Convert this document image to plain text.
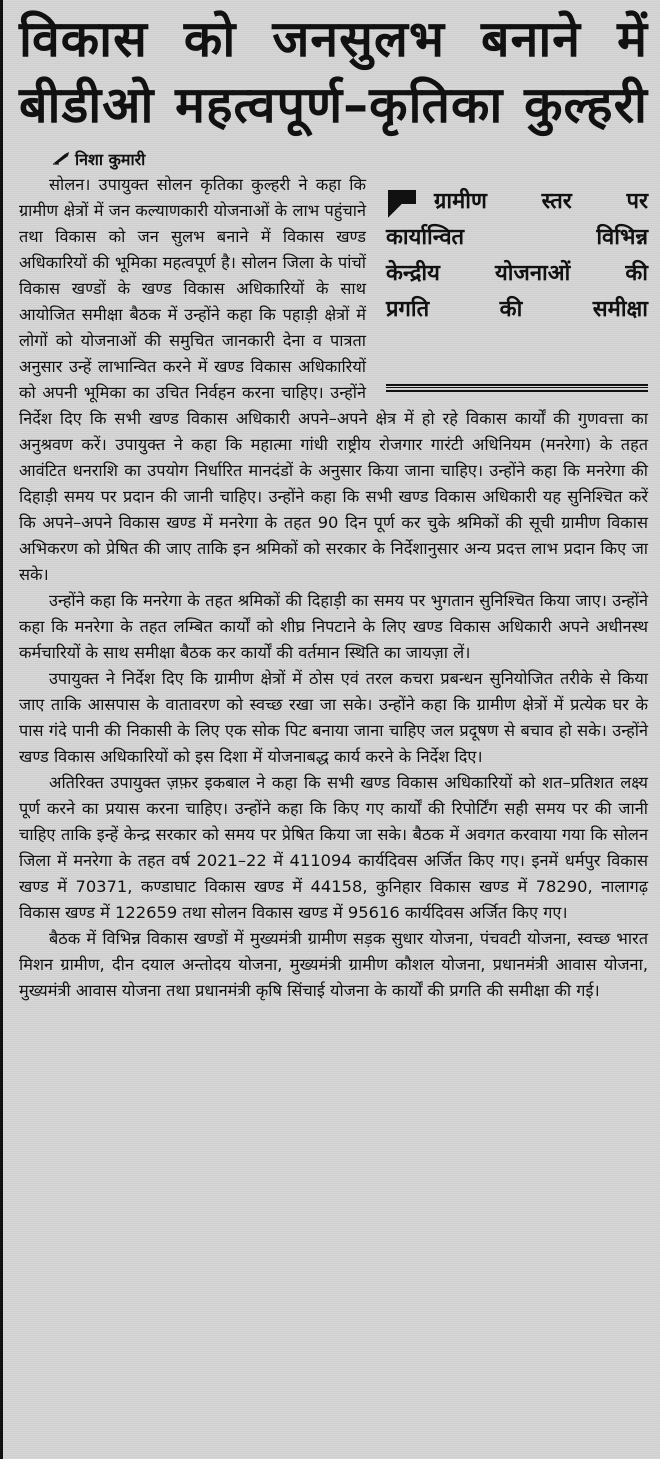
विकास को जनसुलभ बनाने में
बीडीओ महत्वपूर्ण–कृतिका कुल्हरी
निशा कुमारी
ग्रामीण स्तर पर
कार्यान्वित विभिन्न
केन्द्रीय योजनाओं की
प्रगति की समीक्षा

सोलन। उपायुक्त सोलन कृतिका कुल्हरी ने कहा कि ग्रामीण क्षेत्रों में जन कल्याणकारी योजनाओं के लाभ पहुंचाने तथा विकास को जन सुलभ बनाने में विकास खण्ड अधिकारियों की भूमिका महत्वपूर्ण है। सोलन जिला के पांचों विकास खण्डों के खण्ड विकास अधिकारियों के साथ आयोजित समीक्षा बैठक में उन्होंने कहा कि पहाड़ी क्षेत्रों में लोगों को योजनाओं की समुचित जानकारी देना व पात्रता अनुसार उन्हें लाभान्वित करने में खण्ड विकास अधिकारियों को अपनी भूमिका का उचित निर्वहन करना चाहिए। उन्होंने निर्देश दिए कि सभी खण्ड विकास अधिकारी अपने–अपने क्षेत्र में हो रहे विकास कार्यों की गुणवत्ता का अनुश्रवण करें। उपायुक्त ने कहा कि महात्मा गांधी राष्ट्रीय रोजगार गारंटी अधिनियम (मनरेगा) के तहत आवंटित धनराशि का उपयोग निर्धारित मानदंडों के अनुसार किया जाना चाहिए। उन्होंने कहा कि मनरेगा की दिहाड़ी समय पर प्रदान की जानी चाहिए। उन्होंने कहा कि सभी खण्ड विकास अधिकारी यह सुनिश्चित करें कि अपने–अपने विकास खण्ड में मनरेगा के तहत 90 दिन पूर्ण कर चुके श्रमिकों की सूची ग्रामीण विकास अभिकरण को प्रेषित की जाए ताकि इन श्रमिकों को सरकार के निर्देशानुसार अन्य प्रदत्त लाभ प्रदान किए जा सके।

उन्होंने कहा कि मनरेगा के तहत श्रमिकों की दिहाड़ी का समय पर भुगतान सुनिश्चित किया जाए। उन्होंने कहा कि मनरेगा के तहत लम्बित कार्यों को शीघ्र निपटाने के लिए खण्ड विकास अधिकारी अपने अधीनस्थ कर्मचारियों के साथ समीक्षा बैठक कर कार्यों की वर्तमान स्थिति का जायज़ा लें।

उपायुक्त ने निर्देश दिए कि ग्रामीण क्षेत्रों में ठोस एवं तरल कचरा प्रबन्धन सुनियोजित तरीके से किया जाए ताकि आसपास के वातावरण को स्वच्छ रखा जा सके। उन्होंने कहा कि ग्रामीण क्षेत्रों में प्रत्येक घर के पास गंदे पानी की निकासी के लिए एक सोक पिट बनाया जाना चाहिए जल प्रदूषण से बचाव हो सके। उन्होंने खण्ड विकास अधिकारियों को इस दिशा में योजनाबद्ध कार्य करने के निर्देश दिए।

अतिरिक्त उपायुक्त ज़फ़र इकबाल ने कहा कि सभी खण्ड विकास अधिकारियों को शत–प्रतिशत लक्ष्य पूर्ण करने का प्रयास करना चाहिए। उन्होंने कहा कि किए गए कार्यों की रिपोर्टिंग सही समय पर की जानी चाहिए ताकि इन्हें केन्द्र सरकार को समय पर प्रेषित किया जा सके। बैठक में अवगत करवाया गया कि सोलन जिला में मनरेगा के तहत वर्ष 2021–22 में 411094 कार्यदिवस अर्जित किए गए। इनमें धर्मपुर विकास खण्ड में 70371, कण्डाघाट विकास खण्ड में 44158, कुनिहार विकास खण्ड में 78290, नालागढ़ विकास खण्ड में 122659 तथा सोलन विकास खण्ड में 95616 कार्यदिवस अर्जित किए गए।

बैठक में विभिन्न विकास खण्डों में मुख्यमंत्री ग्रामीण सड़क सुधार योजना, पंचवटी योजना, स्वच्छ भारत मिशन ग्रामीण, दीन दयाल अन्तोदय योजना, मुख्यमंत्री ग्रामीण कौशल योजना, प्रधानमंत्री आवास योजना, मुख्यमंत्री आवास योजना तथा प्रधानमंत्री कृषि सिंचाई योजना के कार्यों की प्रगति की समीक्षा की गई।
